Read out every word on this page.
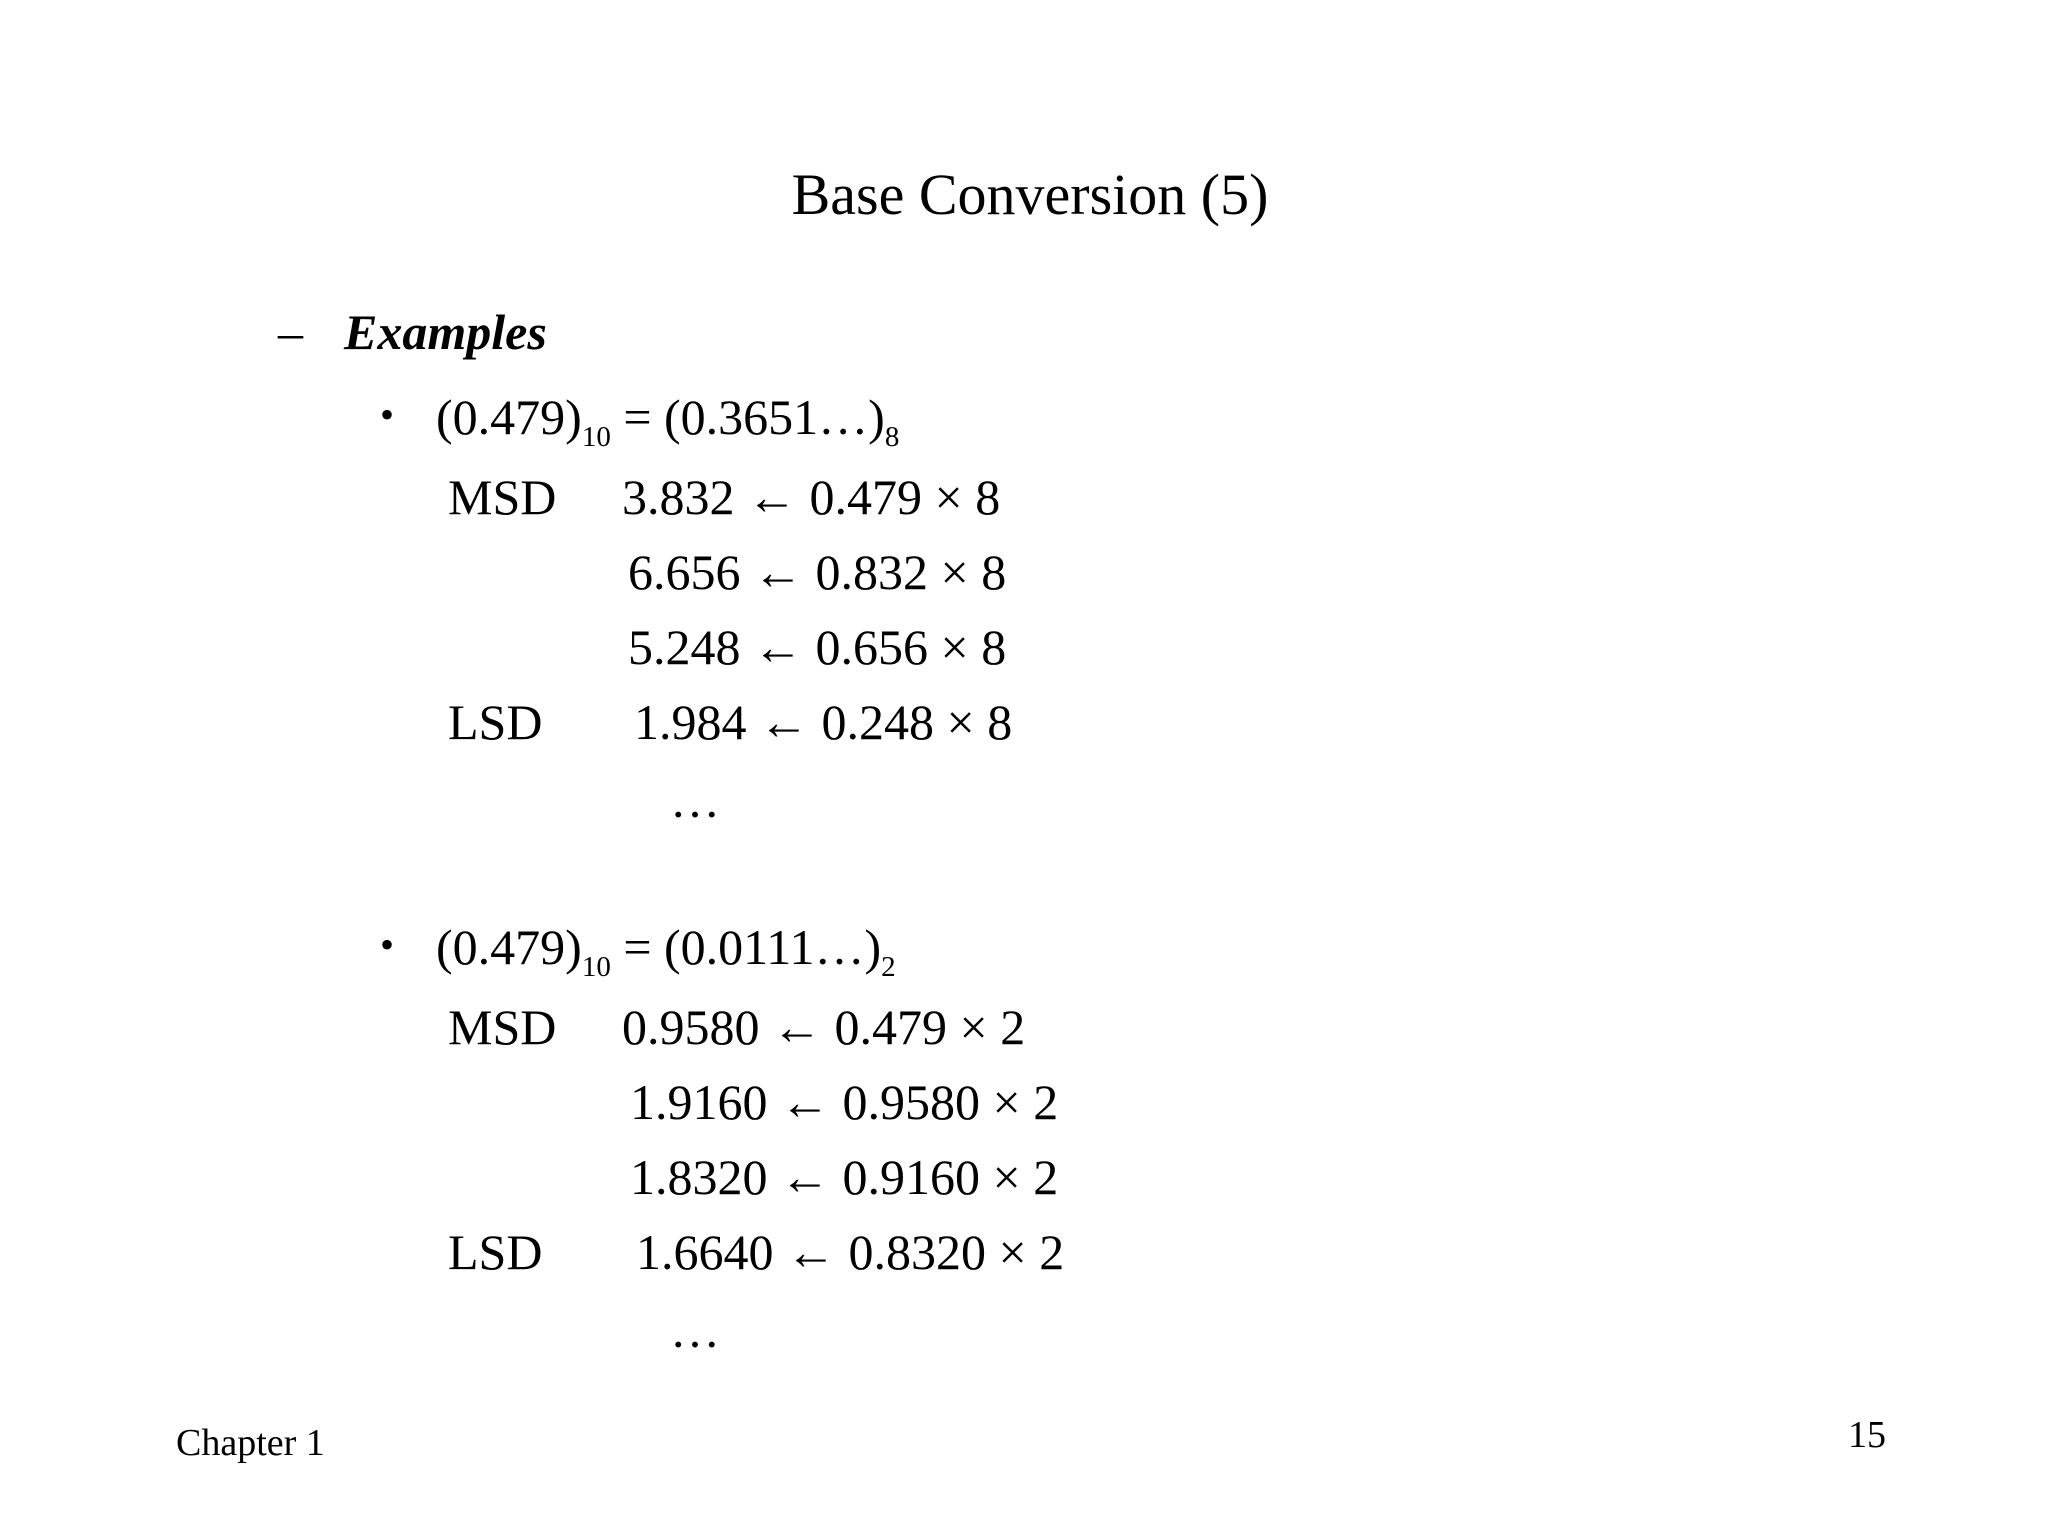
Base Conversion (5)
– Examples
• $(0.479)_{10}$ = $(0.3651\dots)_8$
MSD 3.832 ← 0.479 × 8
6.656 ← 0.832 × 8
5.248 ← 0.656 × 8
LSD 1.984 ← 0.248 × 8
…
• $(0.479)_{10}$ = $(0.0111\dots)_2$
MSD 0.9580 ← 0.479 × 2
1.9160 ← 0.9580 × 2
1.8320 ← 0.9160 × 2
LSD 1.6640 ← 0.8320 × 2
…
Chapter 1	15
